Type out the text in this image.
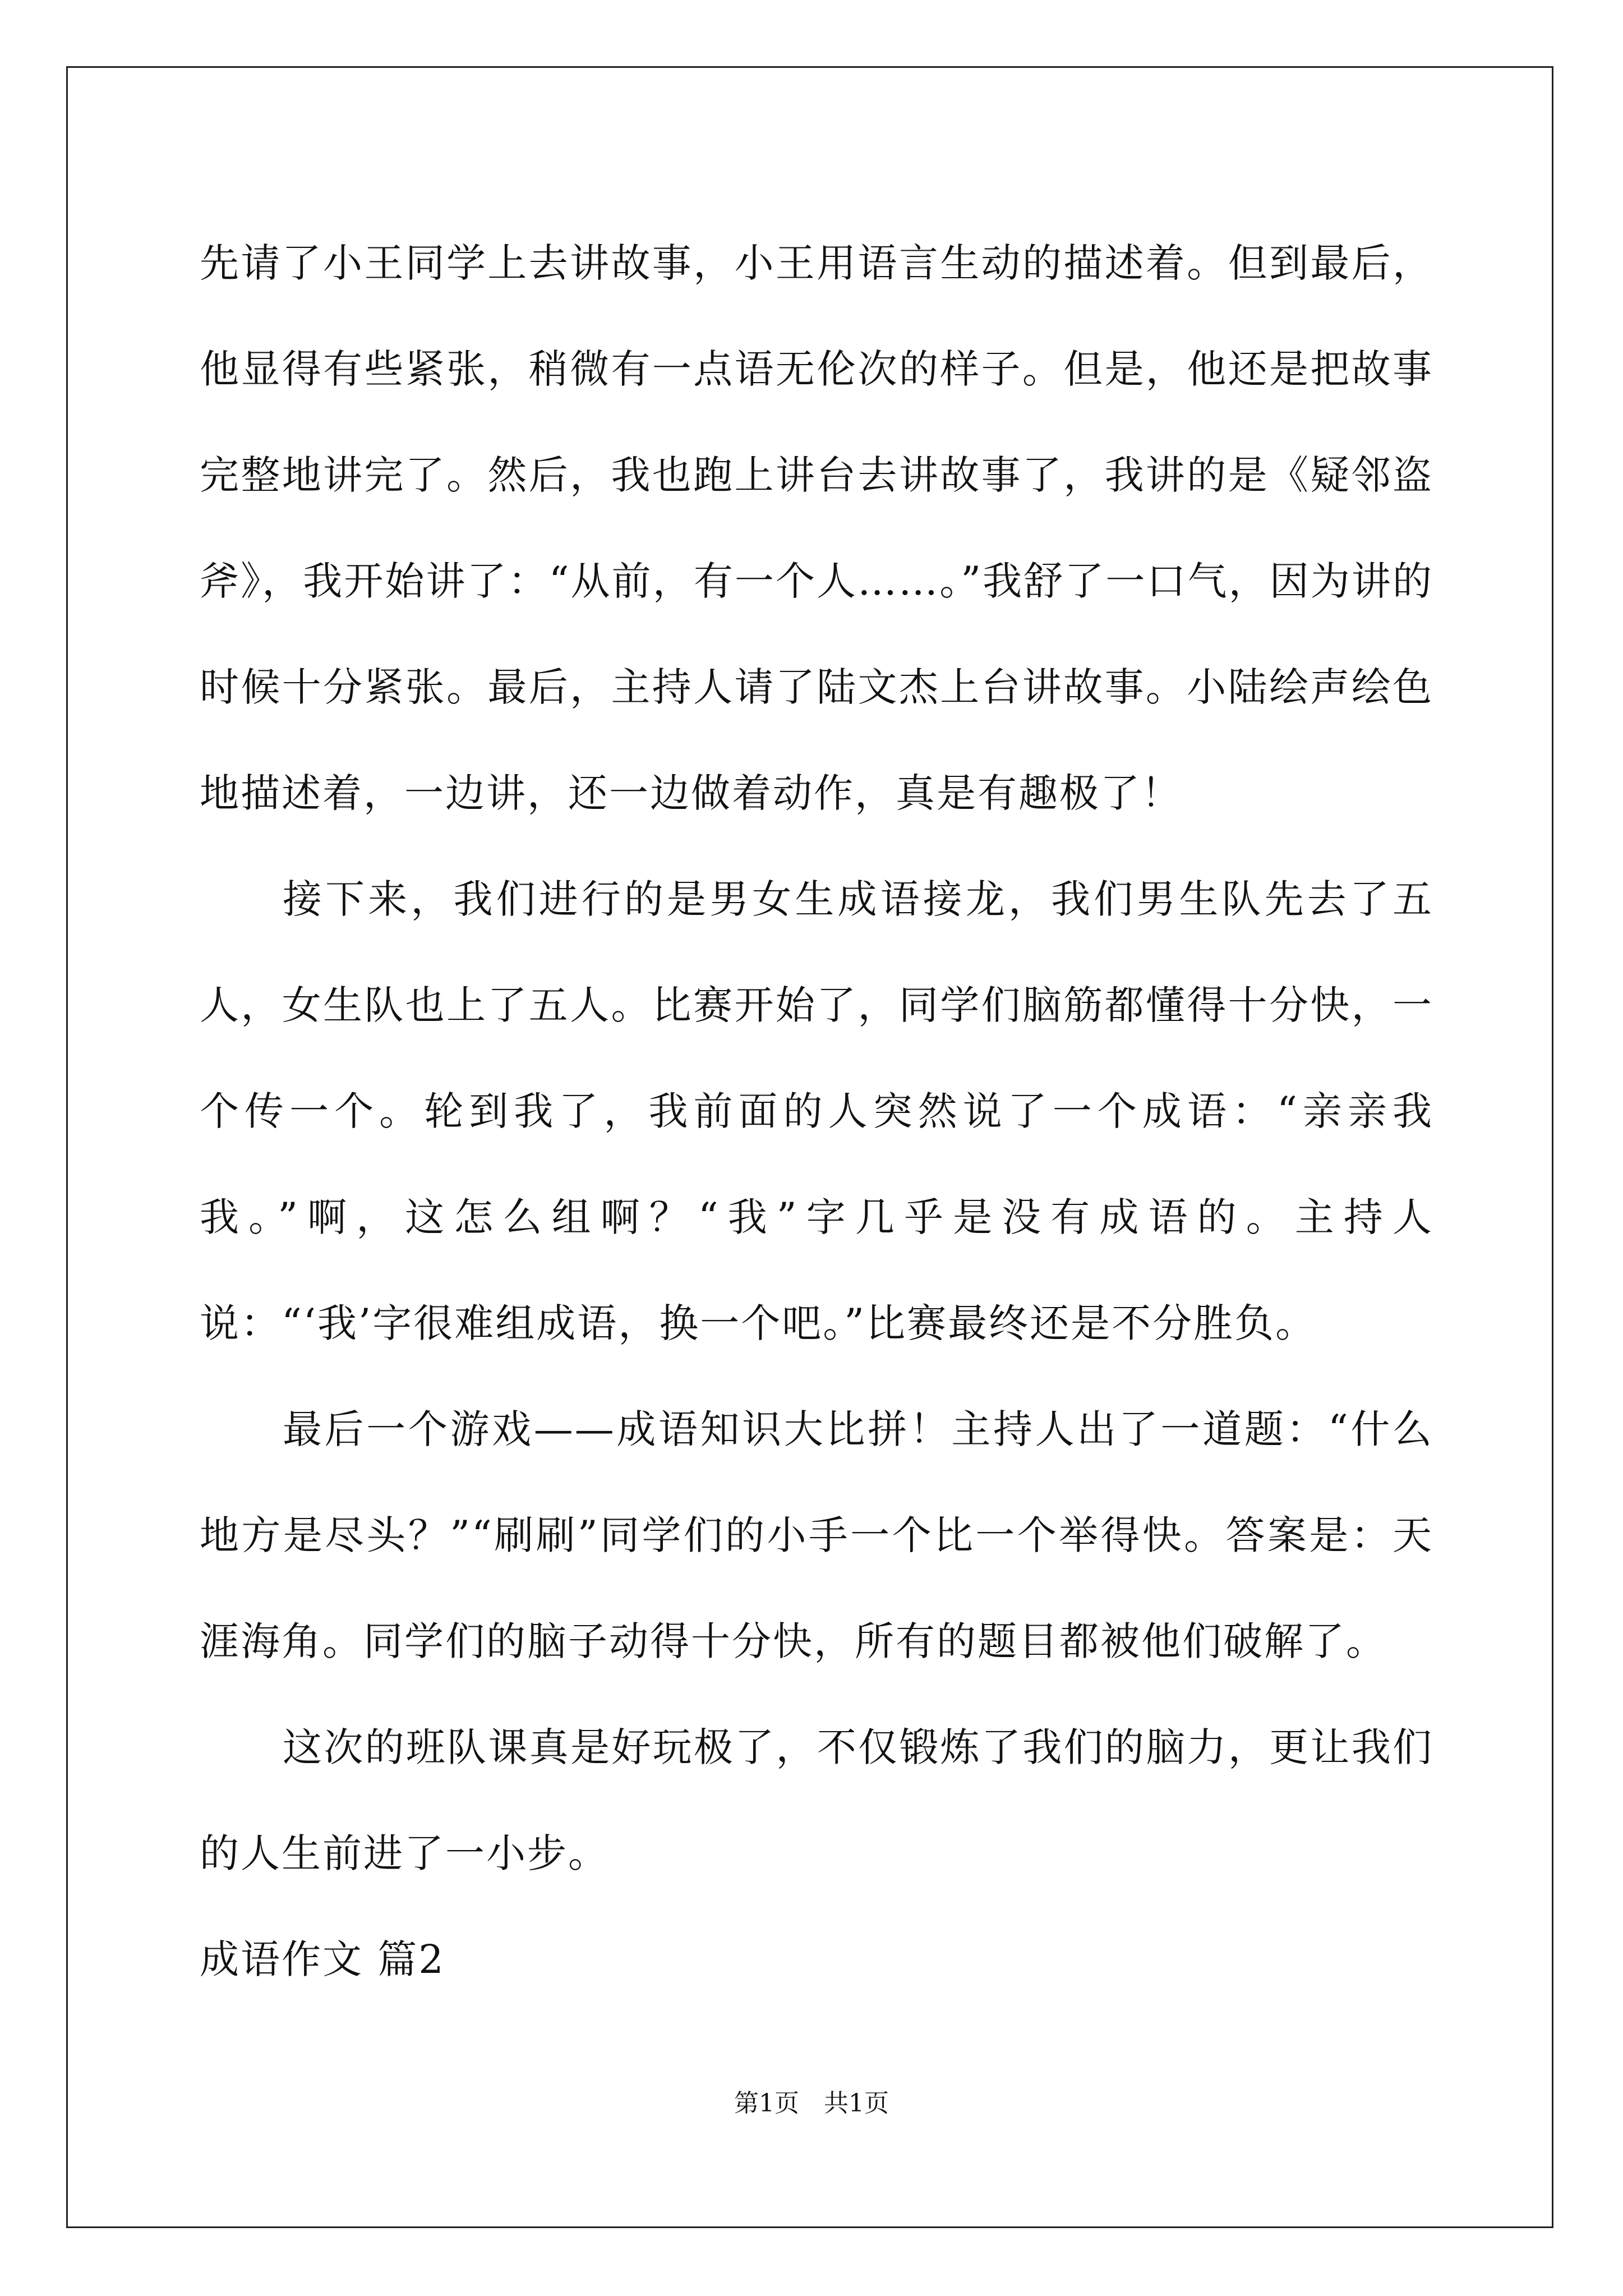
先请了小王同学上去讲故事，小王用语言生动的描述着。但到最后，他显得有些紧张，稍微有一点语无伦次的样子。但是，他还是把故事完整地讲完了。然后，我也跑上讲台去讲故事了，我讲的是《疑邻盗斧》，我开始讲了：“从前，有一个人……。”我舒了一口气，因为讲的时候十分紧张。最后，主持人请了陆文杰上台讲故事。小陆绘声绘色地描述着，一边讲，还一边做着动作，真是有趣极了！

接下来，我们进行的是男女生成语接龙，我们男生队先去了五人，女生队也上了五人。比赛开始了，同学们脑筋都懂得十分快，一个传一个。轮到我了，我前面的人突然说了一个成语：“亲亲我我。”啊，这怎么组啊？“我”字几乎是没有成语的。主持人说：“‘我’字很难组成语，换一个吧。”比赛最终还是不分胜负。

最后一个游戏——成语知识大比拼！主持人出了一道题：“什么地方是尽头？”“刷刷”同学们的小手一个比一个举得快。答案是：天涯海角。同学们的脑子动得十分快，所有的题目都被他们破解了。

这次的班队课真是好玩极了，不仅锻炼了我们的脑力，更让我们的人生前进了一小步。

成语作文 篇2

第1页　共1页
